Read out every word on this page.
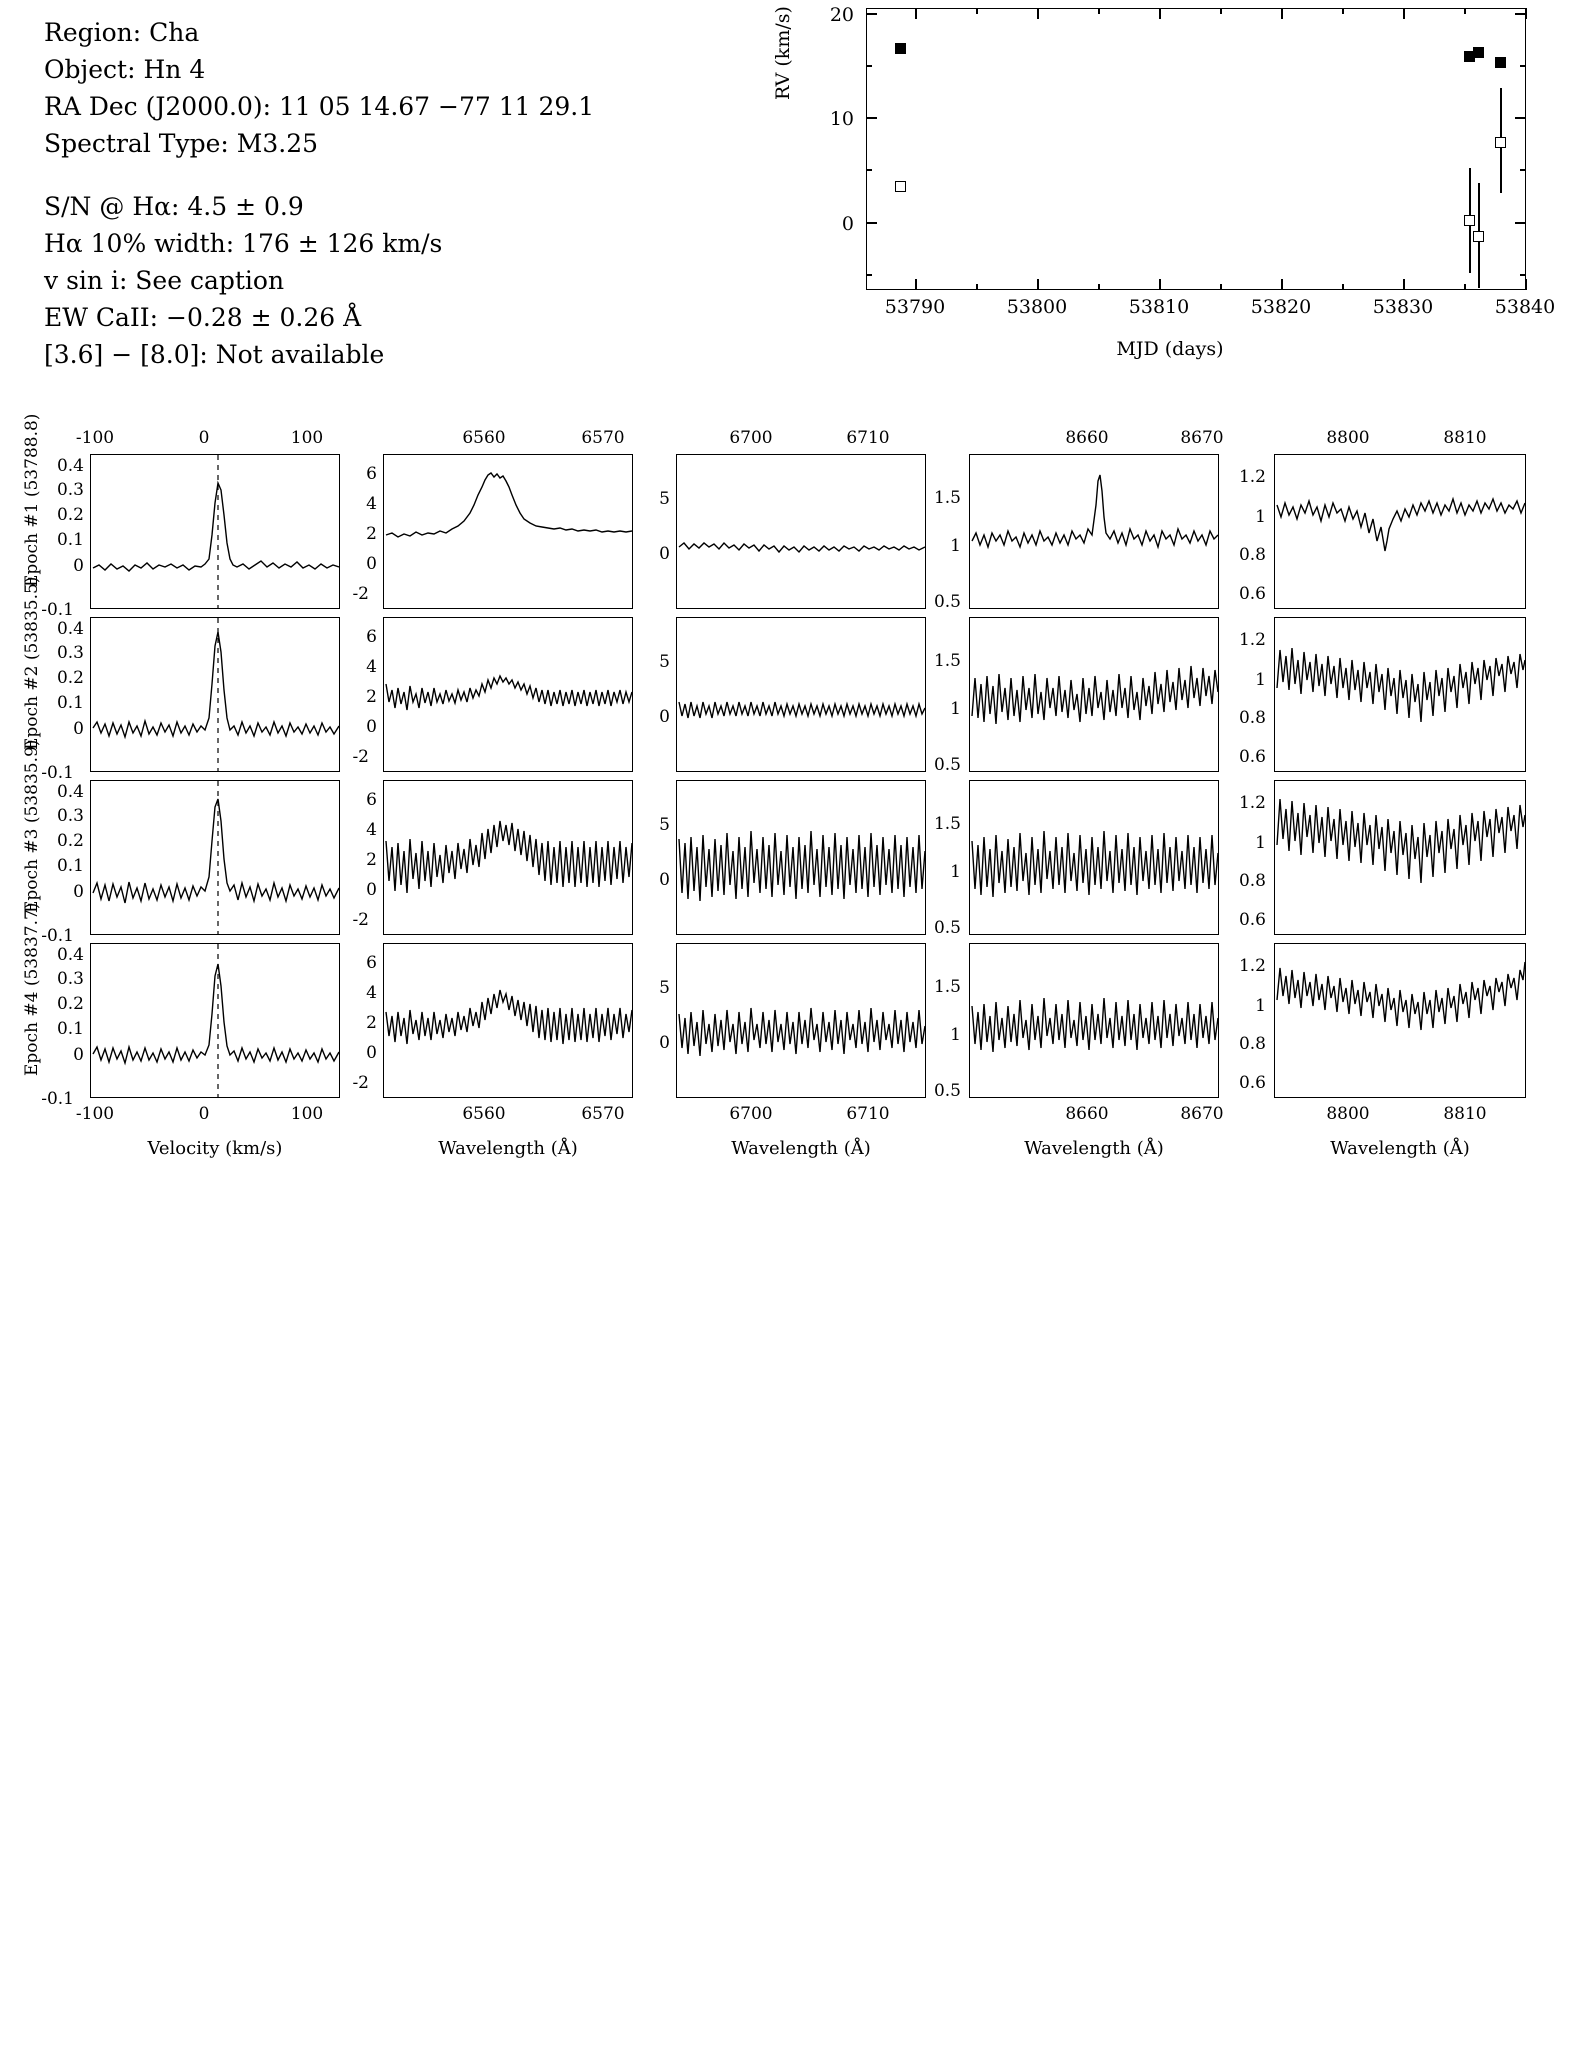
Region: Cha
Object: Hn 4
RA Dec (J2000.0): 11 05 14.67 −77 11 29.1
Spectral Type: M3.25
S/N @ Hα: 4.5 ± 0.9
Hα 10% width: 176 ± 126 km/s
v sin i: See caption
EW CaII: −0.28 ± 0.26 Å
[3.6] − [8.0]: Not available
RV (km/s)
MJD (days)
20
10
0
53790	53800	53810	53820	53830	53840
Epoch #1 (53788.8)
Epoch #2 (53835.5)
Epoch #3 (53835.9)
Epoch #4 (53837.7)
-100	0	100
-100	0	100
Velocity (km/s)
0.4
0.3
0.2
0.1
0
-0.1
0.4
0.3
0.2
0.1
0
-0.1
0.4
0.3
0.2
0.1
0
-0.1
0.4
0.3
0.2
0.1
0
-0.1
6560	6570
6560	6570
Wavelength (Å)
6
4
2
0
-2
6
4
2
0
-2
6
4
2
0
-2
6
4
2
0
-2
6700	6710
6700	6710
Wavelength (Å)
5
0
5
0
5
0
5
0
8660	8670
8660	8670
Wavelength (Å)
1.5
1
0.5
1.5
1
0.5
1.5
1
0.5
1.5
1
0.5
8800	8810
8800	8810
Wavelength (Å)
1.2
1
0.8
0.6
1.2
1
0.8
0.6
1.2
1
0.8
0.6
1.2
1
0.8
0.6
